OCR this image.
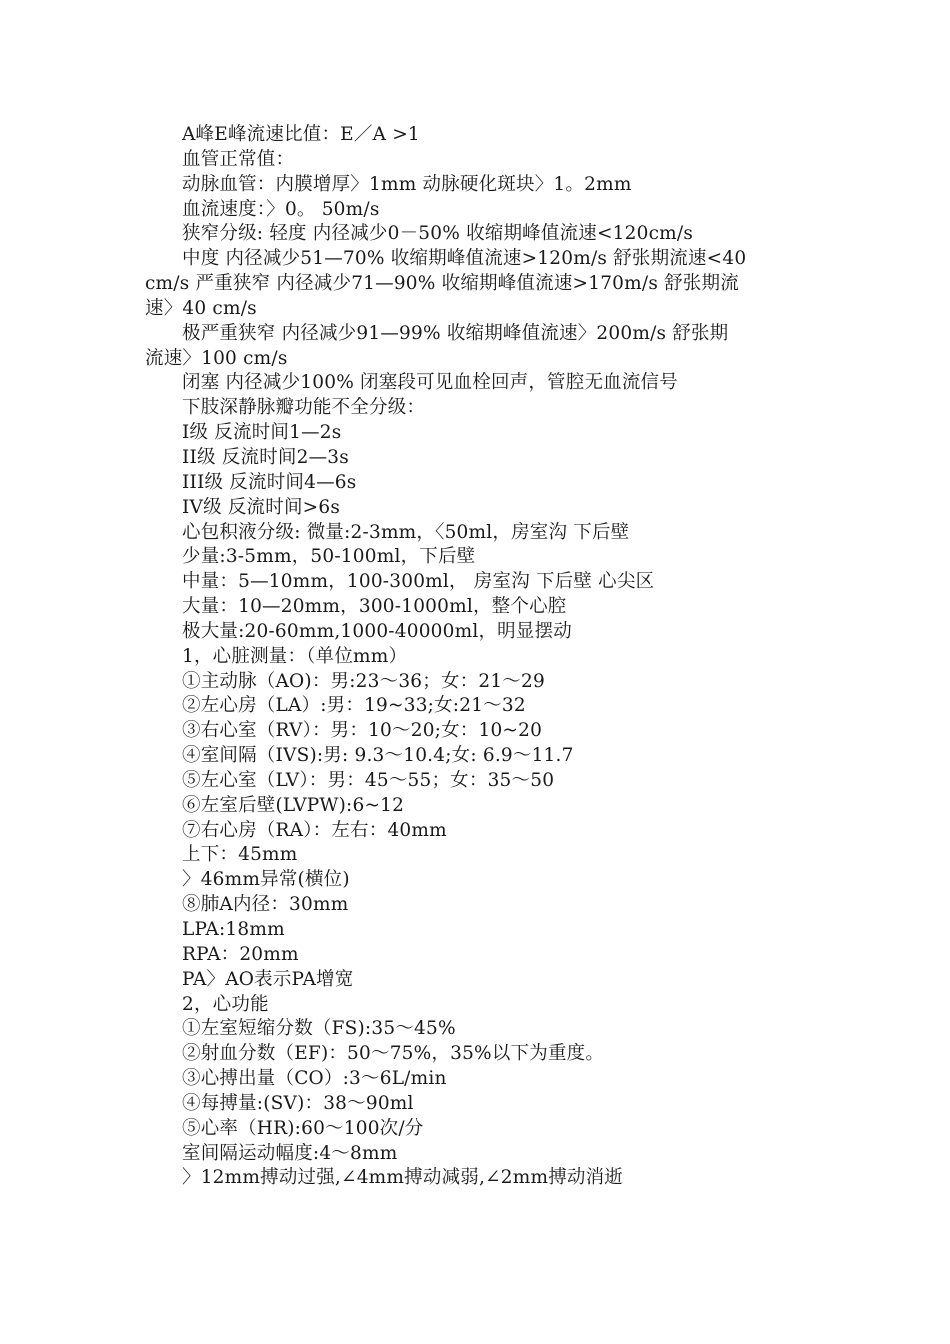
A峰E峰流速比值：E／A >1

血管正常值：

动脉血管：内膜增厚〉1mm 动脉硬化斑块〉1。2mm

血流速度：〉0。 50m/s

狭窄分级: 轻度 内径减少0－50% 收缩期峰值流速<120cm/s

中度 内径减少51—70% 收缩期峰值流速>120m/s 舒张期流速<40

cm/s 严重狭窄 内径减少71—90% 收缩期峰值流速>170m/s 舒张期流

速〉40 cm/s

极严重狭窄 内径减少91—99% 收缩期峰值流速〉200m/s 舒张期

流速〉100 cm/s

闭塞 内径减少100% 闭塞段可见血栓回声，管腔无血流信号

下肢深静脉瓣功能不全分级：

I级 反流时间1—2s

II级 反流时间2—3s

III级 反流时间4—6s

IV级 反流时间>6s

心包积液分级: 微量:2-3mm，〈50ml，房室沟 下后壁

少量:3-5mm，50-100ml，下后壁

中量：5—10mm，100-300ml， 房室沟 下后壁 心尖区

大量：10—20mm，300-1000ml，整个心腔

极大量:20-60mm,1000-40000ml，明显摆动

1，心脏测量：（单位mm）

①主动脉（AO)：男:23～36；女：21～29

②左心房（LA）:男：19~33;女:21～32

③右心室（RV）：男：10～20;女：10~20

④室间隔（IVS):男: 9.3～10.4;女: 6.9～11.7

⑤左心室（LV）：男：45～55；女：35～50

⑥左室后壁(LVPW):6~12

⑦右心房（RA）：左右：40mm

上下：45mm

〉46mm异常(横位)

⑧肺A内径：30mm

LPA:18mm

RPA：20mm

PA〉AO表示PA增宽

2，心功能

①左室短缩分数（FS):35～45%

②射血分数（EF)：50～75%，35%以下为重度。

③心搏出量（CO）:3～6L/min

④每搏量:(SV)：38～90ml

⑤心率（HR):60～100次/分

室间隔运动幅度:4～8mm

〉12mm搏动过强,∠4mm搏动减弱,∠2mm搏动消逝
